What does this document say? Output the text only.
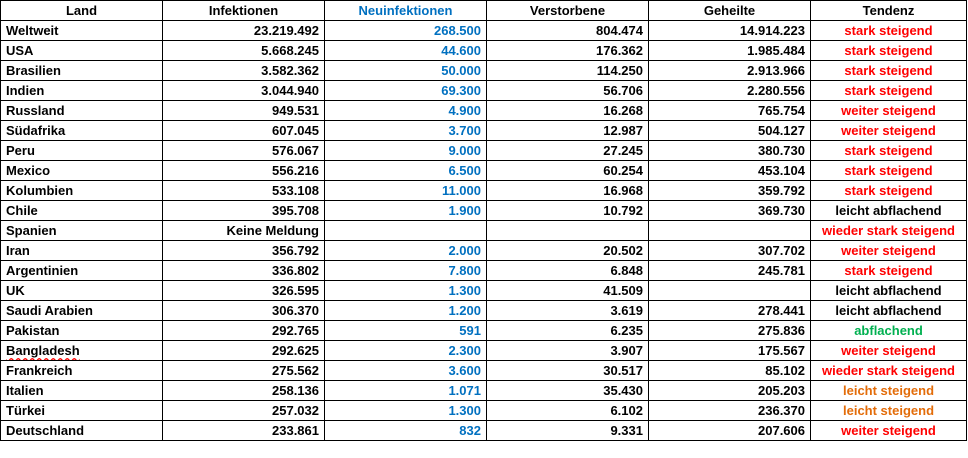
Land	Infektionen	Neuinfektionen	Verstorbene	Geheilte	Tendenz
Weltweit	23.219.492	268.500	804.474	14.914.223	stark steigend
USA	5.668.245	44.600	176.362	1.985.484	stark steigend
Brasilien	3.582.362	50.000	114.250	2.913.966	stark steigend
Indien	3.044.940	69.300	56.706	2.280.556	stark steigend
Russland	949.531	4.900	16.268	765.754	weiter steigend
Südafrika	607.045	3.700	12.987	504.127	weiter steigend
Peru	576.067	9.000	27.245	380.730	stark steigend
Mexico	556.216	6.500	60.254	453.104	stark steigend
Kolumbien	533.108	11.000	16.968	359.792	stark steigend
Chile	395.708	1.900	10.792	369.730	leicht abflachend
Spanien	Keine Meldung				wieder stark steigend
Iran	356.792	2.000	20.502	307.702	weiter steigend
Argentinien	336.802	7.800	6.848	245.781	stark steigend
UK	326.595	1.300	41.509		leicht abflachend
Saudi Arabien	306.370	1.200	3.619	278.441	leicht abflachend
Pakistan	292.765	591	6.235	275.836	abflachend
Bangladesh	292.625	2.300	3.907	175.567	weiter steigend
Frankreich	275.562	3.600	30.517	85.102	wieder stark steigend
Italien	258.136	1.071	35.430	205.203	leicht steigend
Türkei	257.032	1.300	6.102	236.370	leicht steigend
Deutschland	233.861	832	9.331	207.606	weiter steigend
